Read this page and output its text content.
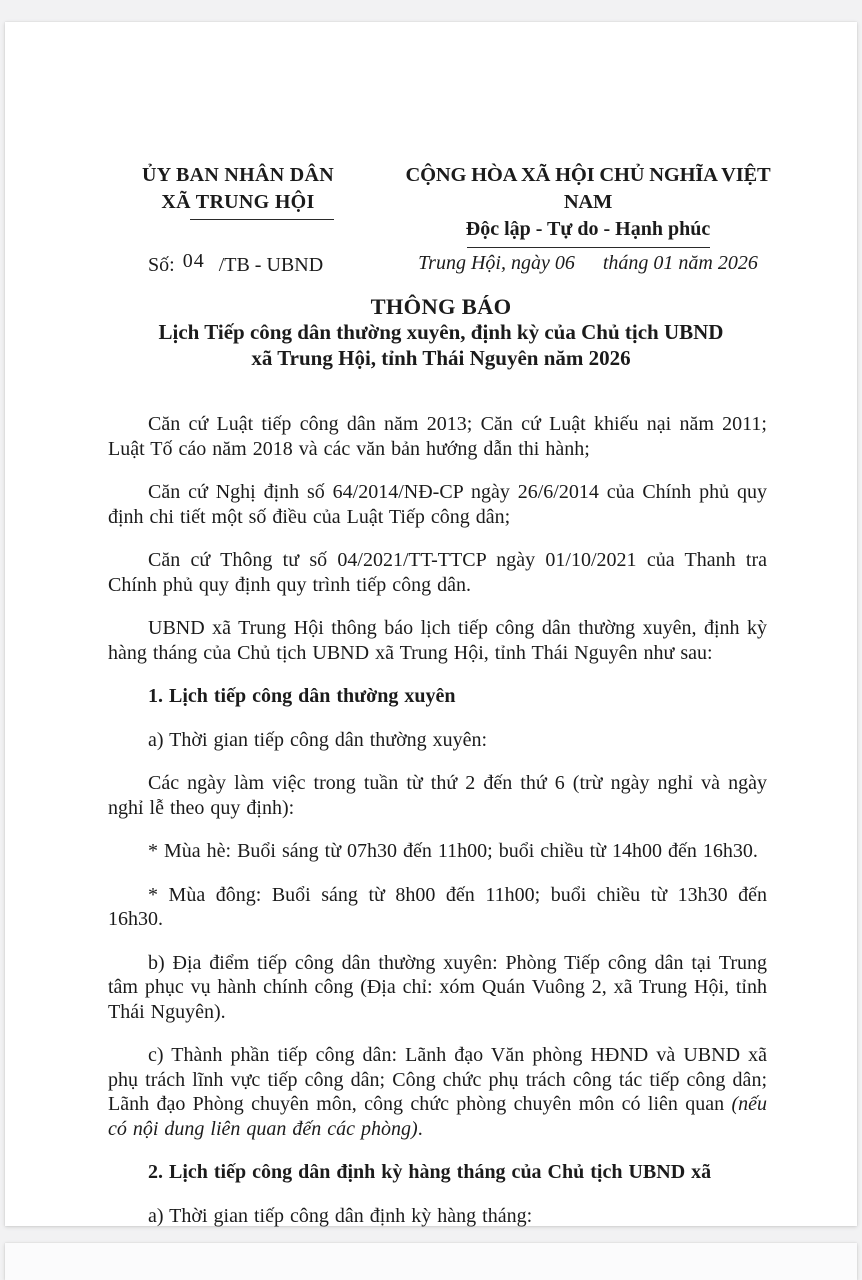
ỦY BAN NHÂN DÂN
XÃ TRUNG HỘI
CỘNG HÒA XÃ HỘI CHỦ NGHĨA VIỆT NAM
Độc lập - Tự do - Hạnh phúc
Số: 04 /TB - UBND	Trung Hội, ngày 06 tháng 01 năm 2026
THÔNG BÁO
Lịch Tiếp công dân thường xuyên, định kỳ của Chủ tịch UBND
xã Trung Hội, tỉnh Thái Nguyên năm 2026

Căn cứ Luật tiếp công dân năm 2013; Căn cứ Luật khiếu nại năm 2011; Luật Tố cáo năm 2018 và các văn bản hướng dẫn thi hành;

Căn cứ Nghị định số 64/2014/NĐ-CP ngày 26/6/2014 của Chính phủ quy định chi tiết một số điều của Luật Tiếp công dân;

Căn cứ Thông tư số 04/2021/TT-TTCP ngày 01/10/2021 của Thanh tra Chính phủ quy định quy trình tiếp công dân.

UBND xã Trung Hội thông báo lịch tiếp công dân thường xuyên, định kỳ hàng tháng của Chủ tịch UBND xã Trung Hội, tỉnh Thái Nguyên như sau:

1. Lịch tiếp công dân thường xuyên

a) Thời gian tiếp công dân thường xuyên:

Các ngày làm việc trong tuần từ thứ 2 đến thứ 6 (trừ ngày nghỉ và ngày nghỉ lễ theo quy định):

* Mùa hè: Buổi sáng từ 07h30 đến 11h00; buổi chiều từ 14h00 đến 16h30.

* Mùa đông: Buổi sáng từ 8h00 đến 11h00; buổi chiều từ 13h30 đến 16h30.

b) Địa điểm tiếp công dân thường xuyên: Phòng Tiếp công dân tại Trung tâm phục vụ hành chính công (Địa chỉ: xóm Quán Vuông 2, xã Trung Hội, tỉnh Thái Nguyên).

c) Thành phần tiếp công dân: Lãnh đạo Văn phòng HĐND và UBND xã phụ trách lĩnh vực tiếp công dân; Công chức phụ trách công tác tiếp công dân; Lãnh đạo Phòng chuyên môn, công chức phòng chuyên môn có liên quan (nếu có nội dung liên quan đến các phòng).

2. Lịch tiếp công dân định kỳ hàng tháng của Chủ tịch UBND xã

a) Thời gian tiếp công dân định kỳ hàng tháng:
